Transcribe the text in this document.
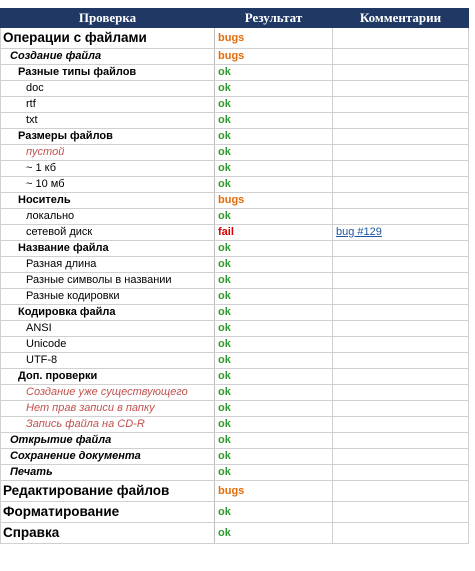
Проверка	Результат	Комментарии
Операции с файлами	bugs	
Создание файла	bugs	
Разные типы файлов	ok	
doc	ok	
rtf	ok	
txt	ok	
Размеры файлов	ok	
пустой	ok	
~ 1 кб	ok	
~ 10 мб	ok	
Носитель	bugs	
локально	ok	
сетевой диск	fail	bug #129
Название файла	ok	
Разная длина	ok	
Разные символы в названии	ok	
Разные кодировки	ok	
Кодировка файла	ok	
ANSI	ok	
Unicode	ok	
UTF-8	ok	
Доп. проверки	ok	
Создание уже существующего	ok	
Нет прав записи в папку	ok	
Запись файла на CD-R	ok	
Открытие файла	ok	
Сохранение документа	ok	
Печать	ok	
Редактирование файлов	bugs	
Форматирование	ok	
Справка	ok	
